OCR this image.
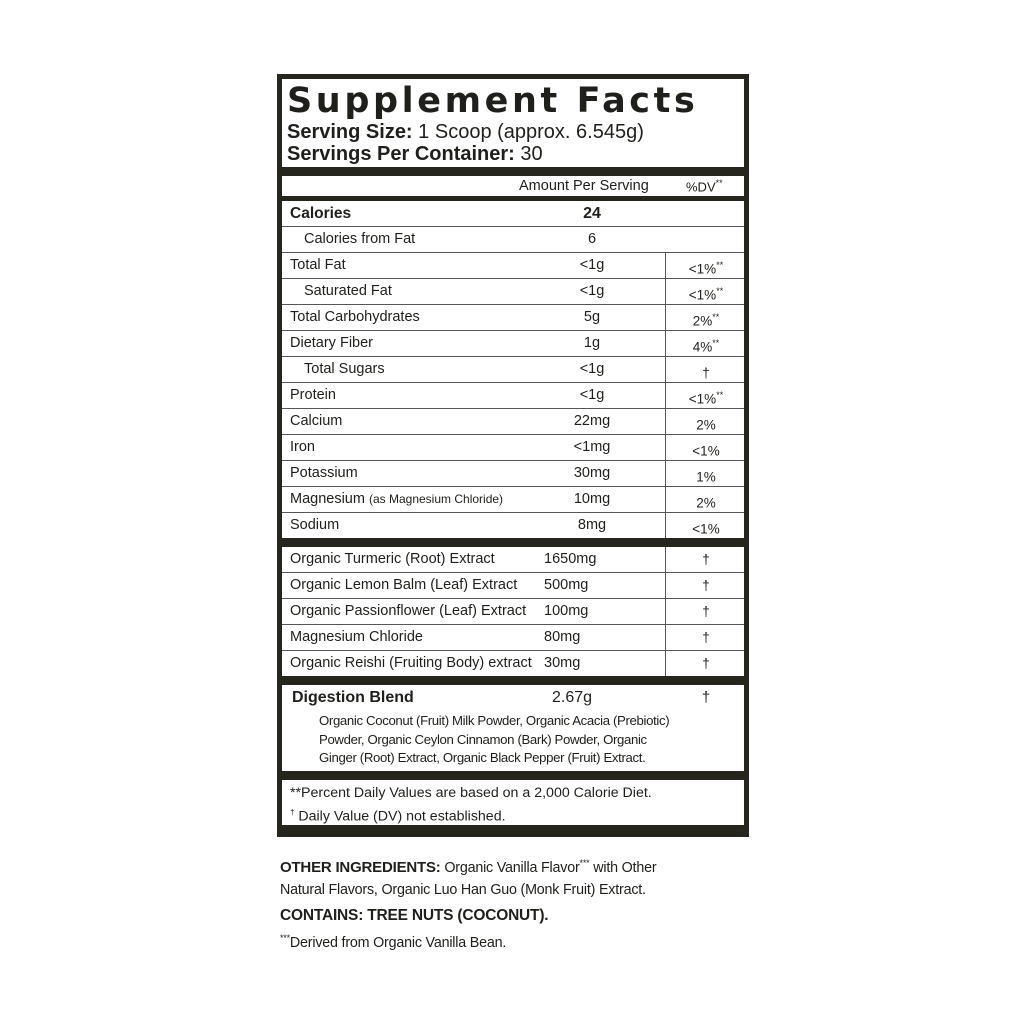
Supplement Facts
Serving Size: 1 Scoop (approx. 6.545g)
Servings Per Container: 30
Amount Per Serving	%DV**
Calories	24
Calories from Fat	6
Total Fat	<1g	<1%**
Saturated Fat	<1g	<1%**
Total Carbohydrates	5g	2%**
Dietary Fiber	1g	4%**
Total Sugars	<1g	†
Protein	<1g	<1%**
Calcium	22mg	2%
Iron	<1mg	<1%
Potassium	30mg	1%
Magnesium (as Magnesium Chloride)	10mg	2%
Sodium	8mg	<1%
Organic Turmeric (Root) Extract	1650mg	†
Organic Lemon Balm (Leaf) Extract 500mg	†
Organic Passionflower (Leaf) Extract 100mg	†
Magnesium Chloride	80mg	†
Organic Reishi (Fruiting Body) extract 30mg	†
Digestion Blend	2.67g	†
Organic Coconut (Fruit) Milk Powder, Organic Acacia (Prebiotic)
Powder, Organic Ceylon Cinnamon (Bark) Powder, Organic
Ginger (Root) Extract, Organic Black Pepper (Fruit) Extract.
**Percent Daily Values are based on a 2,000 Calorie Diet.
† Daily Value (DV) not established.
OTHER INGREDIENTS: Organic Vanilla Flavor*** with Other
Natural Flavors, Organic Luo Han Guo (Monk Fruit) Extract.
CONTAINS: TREE NUTS (COCONUT).
***Derived from Organic Vanilla Bean.
